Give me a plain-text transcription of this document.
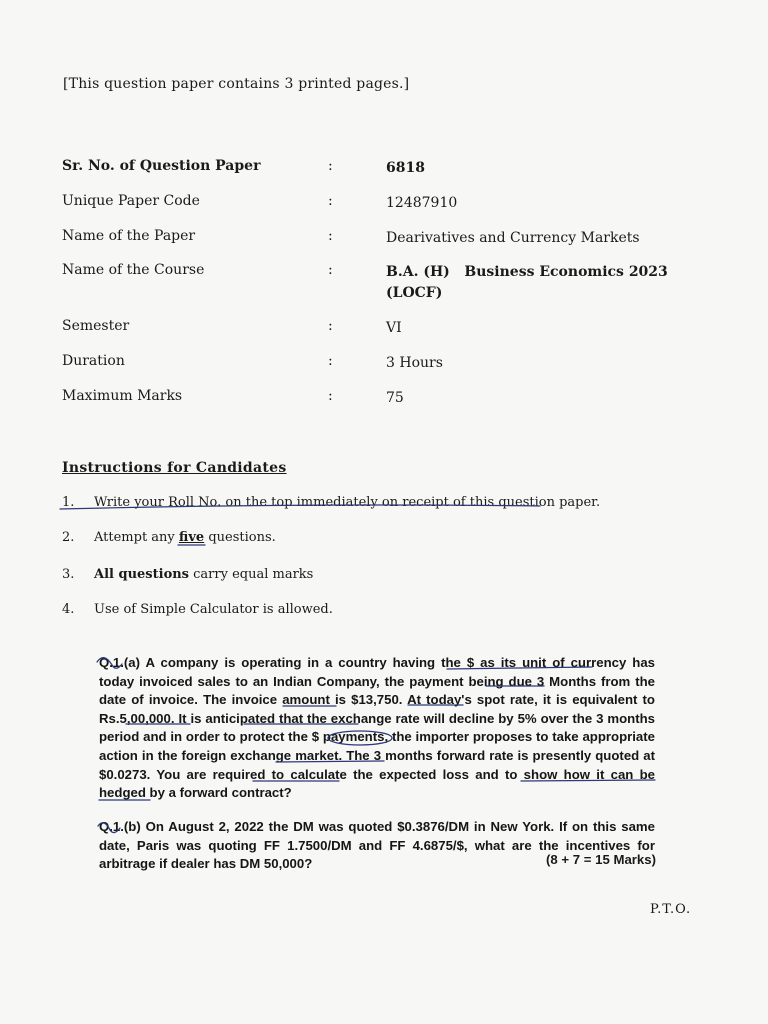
[This question paper contains 3 printed pages.]
Sr. No. of Question Paper	:	6818
Unique Paper Code	:	12487910
Name of the Paper	:	Dearivatives and Currency Markets
Name of the Course	:	B.A. (H)   Business Economics 2023 (LOCF)
Semester	:	VI
Duration	:	3 Hours
Maximum Marks	:	75
Instructions for Candidates
1. Write your Roll No. on the top immediately on receipt of this question paper.
2. Attempt any five questions.
3. All questions carry equal marks
4. Use of Simple Calculator is allowed.
Q.1.(a) A company is operating in a country having the $ as its unit of currency has today invoiced sales to an Indian Company, the payment being due 3 Months from the date of invoice. The invoice amount is $13,750. At today's spot rate, it is equivalent to Rs.5,00,000. It is anticipated that the exchange rate will decline by 5% over the 3 months period and in order to protect the $ payments, the importer proposes to take appropriate action in the foreign exchange market. The 3 months forward rate is presently quoted at $0.0273. You are required to calculate the expected loss and to show how it can be hedged by a forward contract?
Q.1.(b) On August 2, 2022 the DM was quoted $0.3876/DM in New York. If on this same date, Paris was quoting FF 1.7500/DM and FF 4.6875/$, what are the incentives for arbitrage if dealer has DM 50,000?	(8 + 7 = 15 Marks)
P.T.O.
